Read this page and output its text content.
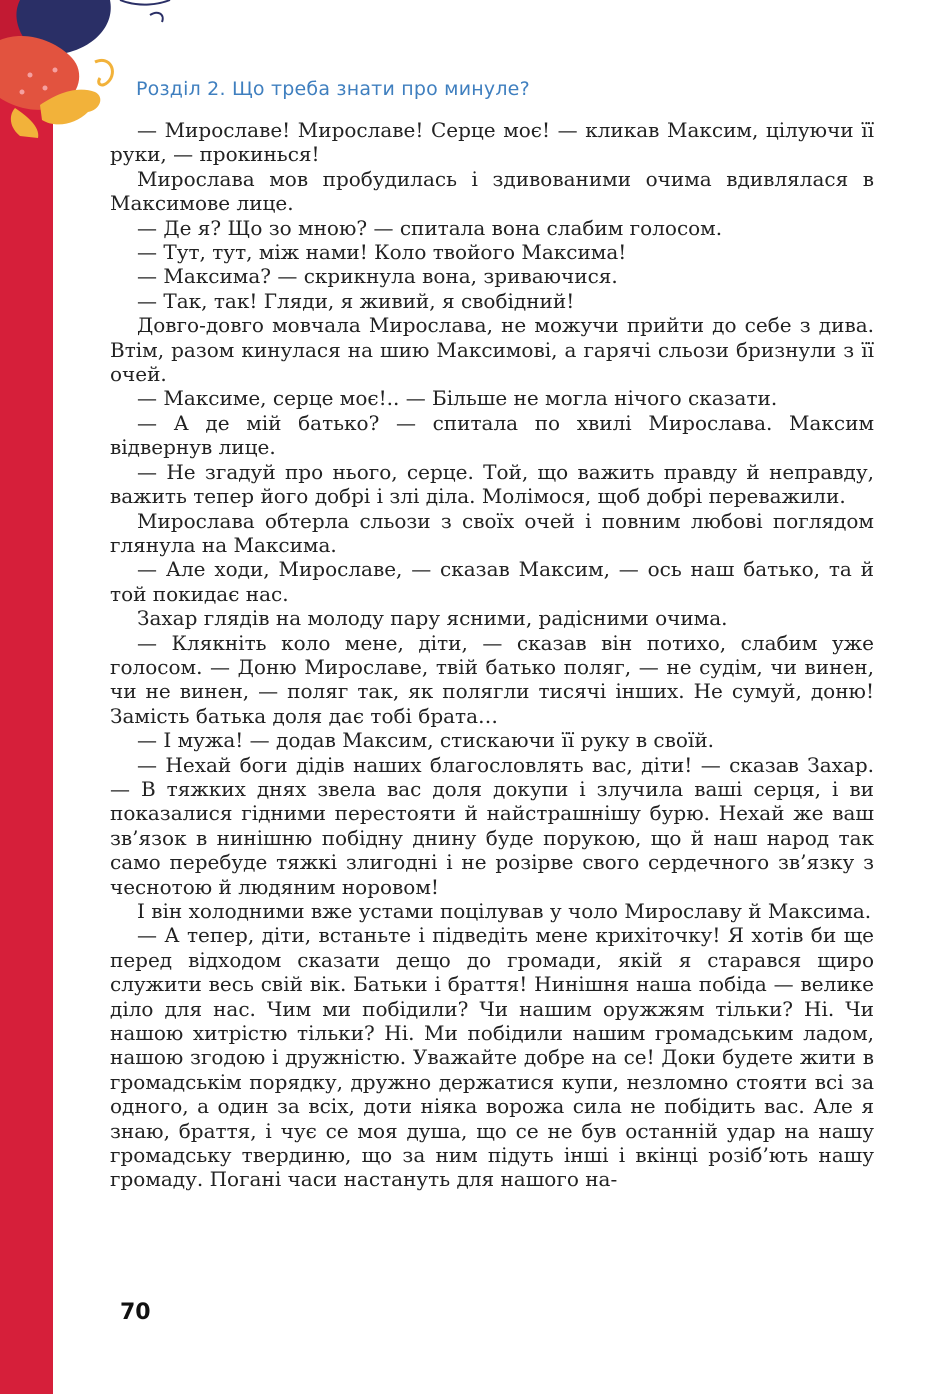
Розділ 2. Що треба знати про минуле?

— Мирославе! Мирославе! Серце моє! — кликав Максим, цілуючи її руки, — прокинься!

Мирослава мов пробудилась і здивованими очима вдивлялася в Максимове лице.

— Де я? Що зо мною? — спитала вона слабим голосом.

— Тут, тут, між нами! Коло твойого Максима!

— Максима? — скрикнула вона, зриваючися.

— Так, так! Гляди, я живий, я свобідний!

Довго-довго мовчала Мирослава, не можучи прийти до себе з дива. Втім, разом кинулася на шию Максимові, а гарячі сльози бризнули з її очей.

— Максиме, серце моє!.. — Більше не могла нічого сказати.

— А де мій батько? — спитала по хвилі Мирослава. Максим відвернув лице.

— Не згадуй про нього, серце. Той, що важить правду й неправду, важить тепер його добрі і злі діла. Молімося, щоб добрі переважили.

Мирослава обтерла сльози з своїх очей і повним любові поглядом глянула на Максима.

— Але ходи, Мирославе, — сказав Максим, — ось наш батько, та й той покидає нас.

Захар глядів на молоду пару ясними, радісними очима.

— Клякніть коло мене, діти, — сказав він потихо, слабим уже голосом. — Доню Мирославе, твій батько поляг, — не судім, чи винен, чи не винен, — поляг так, як полягли тисячі інших. Не сумуй, доню! Замість батька доля дає тобі брата…

— І мужа! — додав Максим, стискаючи її руку в своїй.

— Нехай боги дідів наших благословлять вас, діти! — сказав Захар. — В тяжких днях звела вас доля докупи і злучила ваші серця, і ви показалися гідними перестояти й найстрашнішу бурю. Нехай же ваш зв’язок в нинішню побідну днину буде порукою, що й наш народ так само перебуде тяжкі злигодні і не розірве свого сердечного зв’язку з чеснотою й людяним норовом!

І він холодними вже устами поцілував у чоло Мирославу й Максима.

— А тепер, діти, встаньте і підведіть мене крихіточку! Я хотів би ще перед відходом сказати дещо до громади, якій я старався щиро служити весь свій вік. Батьки і браття! Нинішня наша побіда — велике діло для нас. Чим ми побідили? Чи нашим оружжям тільки? Ні. Чи нашою хитрістю тільки? Ні. Ми побідили нашим громадським ладом, нашою згодою і дружністю. Уважайте добре на се! Доки будете жити в громадськім порядку, дружно держатися купи, незломно стояти всі за одного, а один за всіх, доти ніяка ворожа сила не побідить вас. Але я знаю, браття, і чує се моя душа, що се не був останній удар на нашу громадську твердиню, що за ним підуть інші і вкінці розіб’ють нашу громаду. Погані часи настануть для нашого на-

70
